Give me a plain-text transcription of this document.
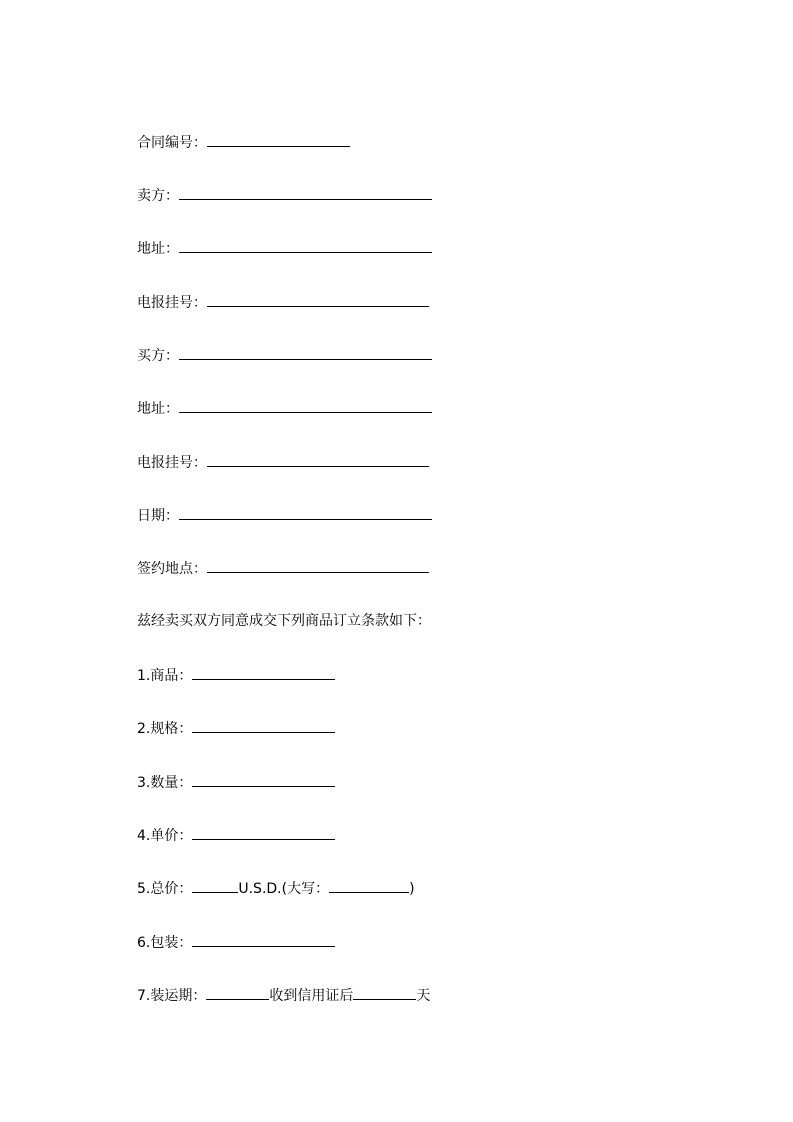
合同编号：
卖方：
地址：
电报挂号：
买方：
地址：
电报挂号：
日期：
签约地点：
兹经卖买双方同意成交下列商品订立条款如下：
1.商品：
2.规格：
3.数量：
4.单价：
5.总价：	U.S.D.(大写：	)
6.包装：
7.装运期：	收到信用证后	天
